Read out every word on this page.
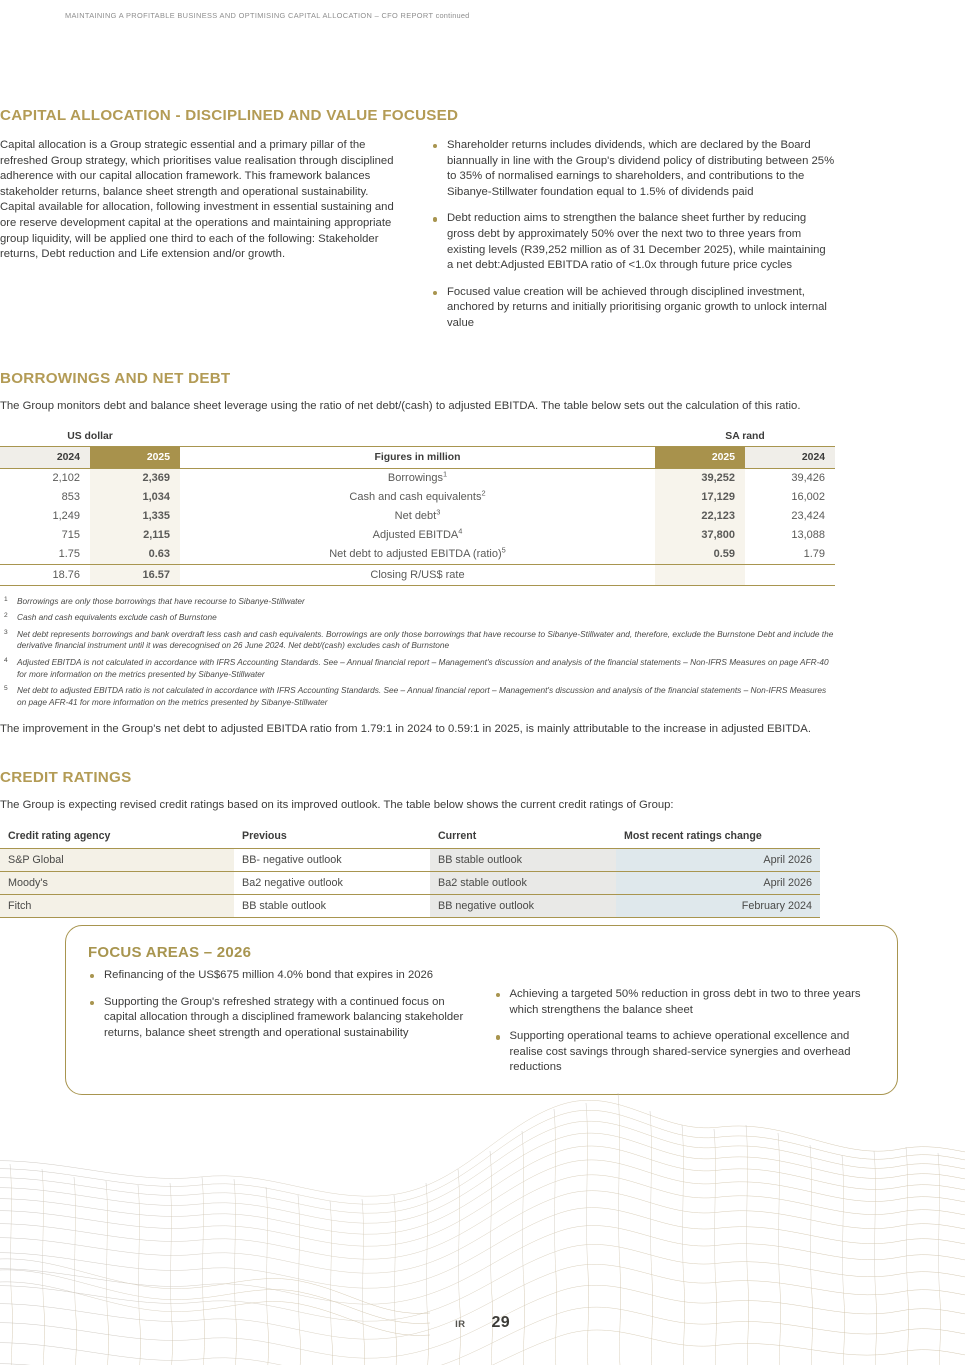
MAINTAINING A PROFITABLE BUSINESS AND OPTIMISING CAPITAL ALLOCATION – CFO REPORT continued
CAPITAL ALLOCATION - DISCIPLINED AND VALUE FOCUSED

Capital allocation is a Group strategic essential and a primary pillar of the refreshed Group strategy, which prioritises value realisation through disciplined adherence with our capital allocation framework. This framework balances stakeholder returns, balance sheet strength and operational sustainability. Capital available for allocation, following investment in essential sustaining and ore reserve development capital at the operations and maintaining appropriate group liquidity, will be applied one third to each of the following: Stakeholder returns, Debt reduction and Life extension and/or growth.

Shareholder returns includes dividends, which are declared by the Board biannually in line with the Group's dividend policy of distributing between 25% to 35% of normalised earnings to shareholders, and contributions to the Sibanye-Stillwater foundation equal to 1.5% of dividends paid
Debt reduction aims to strengthen the balance sheet further by reducing gross debt by approximately 50% over the next two to three years from existing levels (R39,252 million as of 31 December 2025), while maintaining a net debt:Adjusted EBITDA ratio of <1.0x through future price cycles
Focused value creation will be achieved through disciplined investment, anchored by returns and initially prioritising organic growth to unlock internal value
BORROWINGS AND NET DEBT

The Group monitors debt and balance sheet leverage using the ratio of net debt/(cash) to adjusted EBITDA. The table below sets out the calculation of this ratio.

US dollar			SA rand	
2024	2025	Figures in million	2025	2024
2,102	2,369	Borrowings$^1$	39,252	39,426
853	1,034	Cash and cash equivalents$^2$	17,129	16,002
1,249	1,335	Net debt$^3$	22,123	23,424
715	2,115	Adjusted EBITDA$^4$	37,800	13,088
1.75	0.63	Net debt to adjusted EBITDA (ratio)$^5$	0.59	1.79
18.76	16.57	Closing R/US$ rate		
Borrowings are only those borrowings that have recourse to Sibanye-Stillwater
Cash and cash equivalents exclude cash of Burnstone
Net debt represents borrowings and bank overdraft less cash and cash equivalents. Borrowings are only those borrowings that have recourse to Sibanye-Stillwater and, therefore, exclude the Burnstone Debt and include the derivative financial instrument until it was derecognised on 26 June 2024. Net debt/(cash) excludes cash of Burnstone
Adjusted EBITDA is not calculated in accordance with IFRS Accounting Standards. See – Annual financial report – Management's discussion and analysis of the financial statements – Non-IFRS Measures on page AFR-40 for more information on the metrics presented by Sibanye-Stillwater
Net debt to adjusted EBITDA ratio is not calculated in accordance with IFRS Accounting Standards. See – Annual financial report – Management's discussion and analysis of the financial statements – Non-IFRS Measures on page AFR-41 for more information on the metrics presented by Sibanye-Stillwater

The improvement in the Group's net debt to adjusted EBITDA ratio from 1.79:1 in 2024 to 0.59:1 in 2025, is mainly attributable to the increase in adjusted EBITDA.

CREDIT RATINGS

The Group is expecting revised credit ratings based on its improved outlook. The table below shows the current credit ratings of Group:

Credit rating agency	Previous	Current	Most recent ratings change
S&P Global	BB- negative outlook	BB stable outlook	April 2026
Moody's	Ba2 negative outlook	Ba2 stable outlook	April 2026
Fitch	BB stable outlook	BB negative outlook	February 2024
FOCUS AREAS – 2026
Refinancing of the US$675 million 4.0% bond that expires in 2026
Supporting the Group's refreshed strategy with a continued focus on capital allocation through a disciplined framework balancing stakeholder returns, balance sheet strength and operational sustainability
Achieving a targeted 50% reduction in gross debt in two to three years which strengthens the balance sheet
Supporting operational teams to achieve operational excellence and realise cost savings through shared-service synergies and overhead reductions
IR 29
